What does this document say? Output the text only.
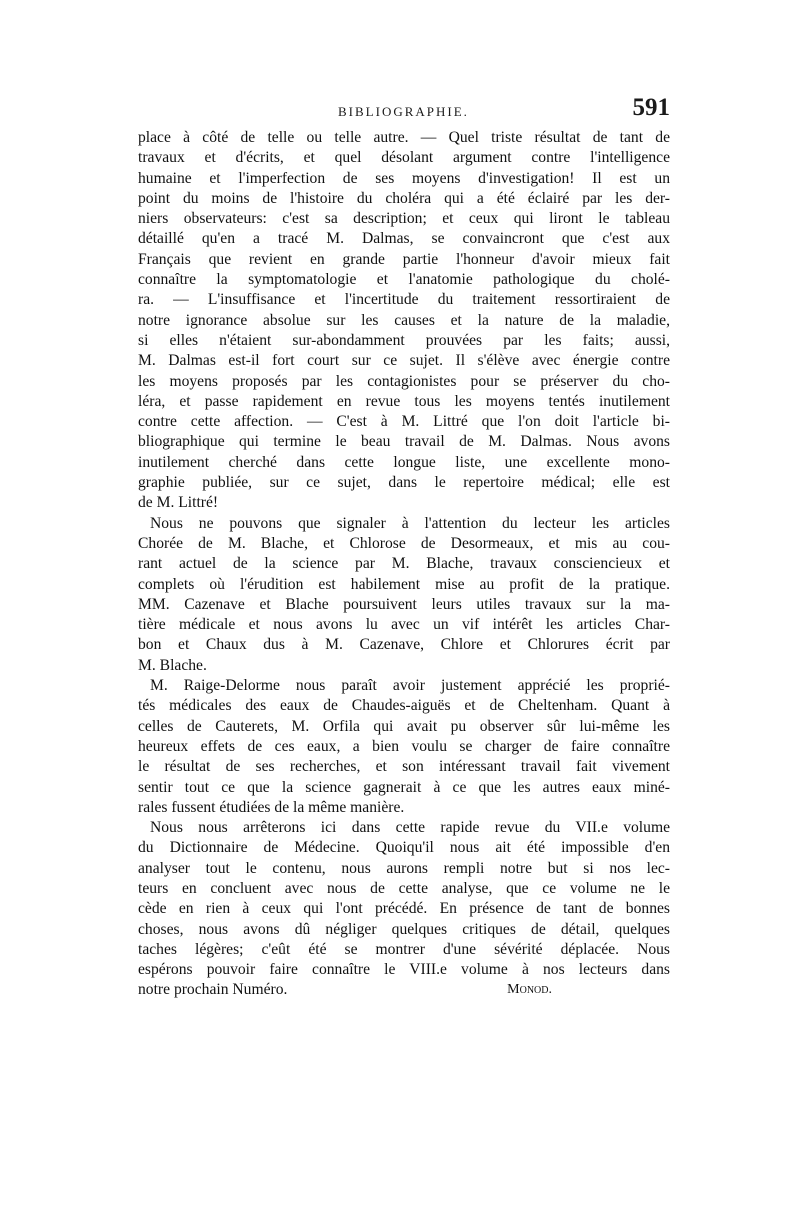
BIBLIOGRAPHIE.	591
place à côté de telle ou telle autre. — Quel triste résultat de tant de
travaux et d'écrits, et quel désolant argument contre l'intelligence
humaine et l'imperfection de ses moyens d'investigation! Il est un
point du moins de l'histoire du choléra qui a été éclairé par les der-
niers observateurs: c'est sa description; et ceux qui liront le tableau
détaillé qu'en a tracé M. Dalmas, se convaincront que c'est aux
Français que revient en grande partie l'honneur d'avoir mieux fait
connaître la symptomatologie et l'anatomie pathologique du cholé-
ra. — L'insuffisance et l'incertitude du traitement ressortiraient de
notre ignorance absolue sur les causes et la nature de la maladie,
si elles n'étaient sur-abondamment prouvées par les faits; aussi,
M. Dalmas est-il fort court sur ce sujet. Il s'élève avec énergie contre
les moyens proposés par les contagionistes pour se préserver du cho-
léra, et passe rapidement en revue tous les moyens tentés inutilement
contre cette affection. — C'est à M. Littré que l'on doit l'article bi-
bliographique qui termine le beau travail de M. Dalmas. Nous avons
inutilement cherché dans cette longue liste, une excellente mono-
graphie publiée, sur ce sujet, dans le repertoire médical; elle est
de M. Littré!
Nous ne pouvons que signaler à l'attention du lecteur les articles
Chorée de M. Blache, et Chlorose de Desormeaux, et mis au cou-
rant actuel de la science par M. Blache, travaux consciencieux et
complets où l'érudition est habilement mise au profit de la pratique.
MM. Cazenave et Blache poursuivent leurs utiles travaux sur la ma-
tière médicale et nous avons lu avec un vif intérêt les articles Char-
bon et Chaux dus à M. Cazenave, Chlore et Chlorures écrit par
M. Blache.
M. Raige-Delorme nous paraît avoir justement apprécié les proprié-
tés médicales des eaux de Chaudes-aiguës et de Cheltenham. Quant à
celles de Cauterets, M. Orfila qui avait pu observer sûr lui-même les
heureux effets de ces eaux, a bien voulu se charger de faire connaître
le résultat de ses recherches, et son intéressant travail fait vivement
sentir tout ce que la science gagnerait à ce que les autres eaux miné-
rales fussent étudiées de la même manière.
Nous nous arrêterons ici dans cette rapide revue du VII.e volume
du Dictionnaire de Médecine. Quoiqu'il nous ait été impossible d'en
analyser tout le contenu, nous aurons rempli notre but si nos lec-
teurs en concluent avec nous de cette analyse, que ce volume ne le
cède en rien à ceux qui l'ont précédé. En présence de tant de bonnes
choses, nous avons dû négliger quelques critiques de détail, quelques
taches légères; c'eût été se montrer d'une sévérité déplacée. Nous
espérons pouvoir faire connaître le VIII.e volume à nos lecteurs dans
notre prochain Numéro.	Monod.
